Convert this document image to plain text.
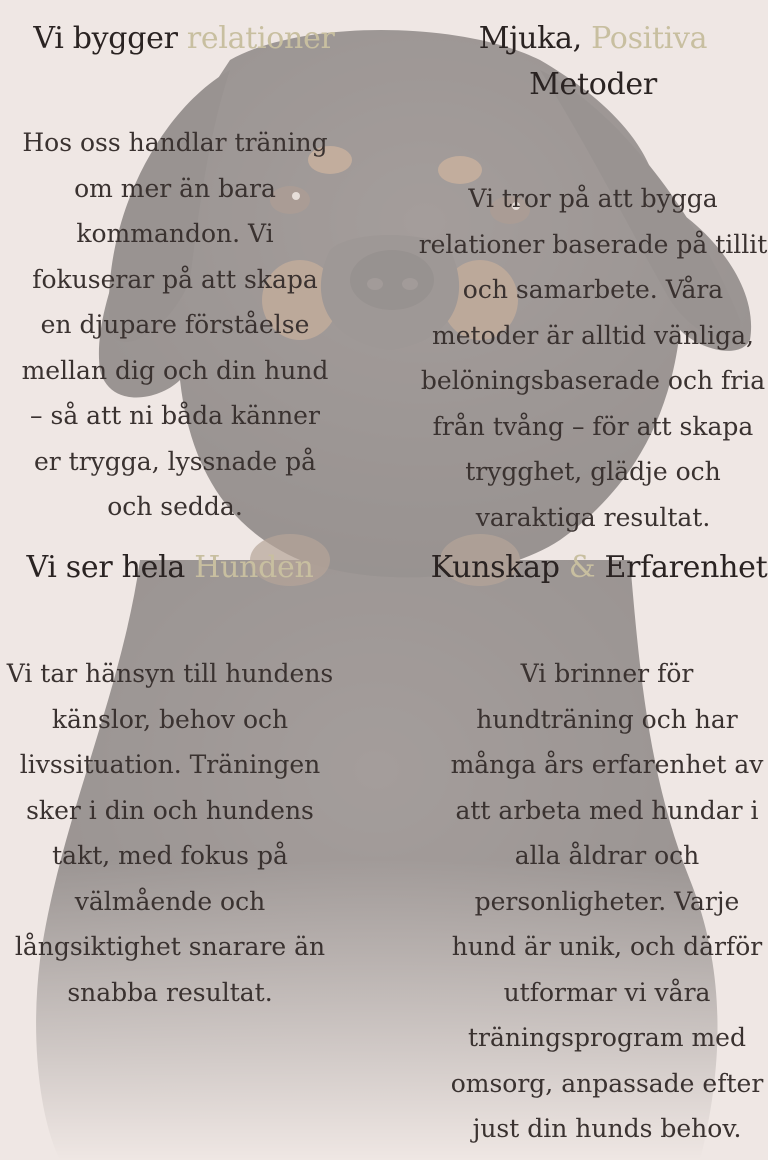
Vi bygger relationer

Hos oss handlar träning om mer än bara kommandon. Vi fokuserar på att skapa en djupare förståelse mellan dig och din hund – så att ni båda känner er trygga, lyssnade på och sedda.

Mjuka, Positiva
Metoder

Vi tror på att bygga relationer baserade på tillit och samarbete. Våra metoder är alltid vänliga, belöningsbaserade och fria från tvång – för att skapa trygghet, glädje och varaktiga resultat.

Vi ser hela Hunden

Vi tar hänsyn till hundens känslor, behov och livssituation. Träningen sker i din och hundens takt, med fokus på välmående och långsiktighet snarare än snabba resultat.

Kunskap & Erfarenhet

Vi brinner för hundträning och har många års erfarenhet av att arbeta med hundar i alla åldrar och personligheter. Varje hund är unik, och därför utformar vi våra träningsprogram med omsorg, anpassade efter just din hunds behov.
